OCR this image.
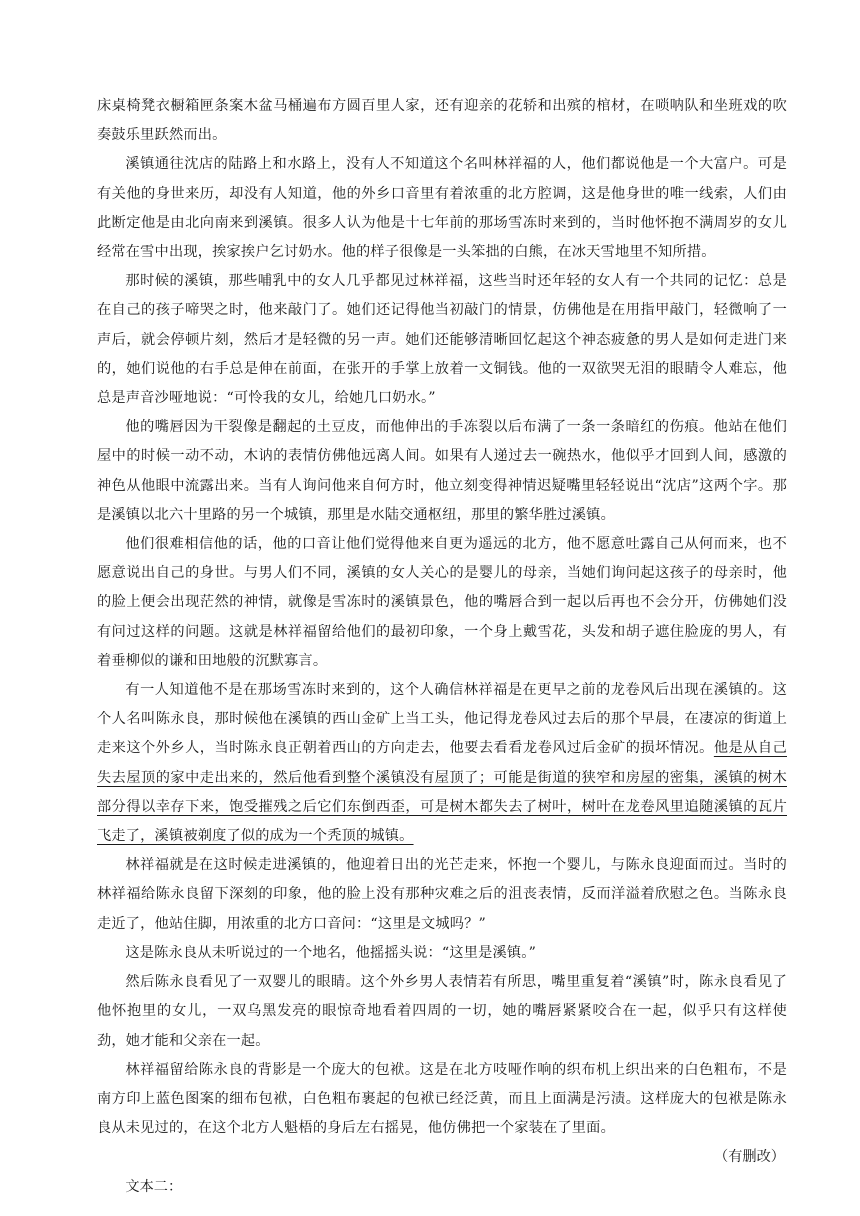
床桌椅凳衣橱箱匣条案木盆马桶遍布方圆百里人家，还有迎亲的花轿和出殡的棺材，在唢呐队和坐班戏的吹奏鼓乐里跃然而出。

溪镇通往沈店的陆路上和水路上，没有人不知道这个名叫林祥福的人，他们都说他是一个大富户。可是有关他的身世来历，却没有人知道，他的外乡口音里有着浓重的北方腔调，这是他身世的唯一线索，人们由此断定他是由北向南来到溪镇。很多人认为他是十七年前的那场雪冻时来到的，当时他怀抱不满周岁的女儿经常在雪中出现，挨家挨户乞讨奶水。他的样子很像是一头笨拙的白熊，在冰天雪地里不知所措。

那时候的溪镇，那些哺乳中的女人几乎都见过林祥福，这些当时还年轻的女人有一个共同的记忆：总是在自己的孩子啼哭之时，他来敲门了。她们还记得他当初敲门的情景，仿佛他是在用指甲敲门，轻微响了一声后，就会停顿片刻，然后才是轻微的另一声。她们还能够清晰回忆起这个神态疲惫的男人是如何走进门来的，她们说他的右手总是伸在前面，在张开的手掌上放着一文铜钱。他的一双欲哭无泪的眼睛令人难忘，他总是声音沙哑地说：“可怜我的女儿，给她几口奶水。”

他的嘴唇因为干裂像是翻起的土豆皮，而他伸出的手冻裂以后布满了一条一条暗红的伤痕。他站在他们屋中的时候一动不动，木讷的表情仿佛他远离人间。如果有人递过去一碗热水，他似乎才回到人间，感激的神色从他眼中流露出来。当有人询问他来自何方时，他立刻变得神情迟疑嘴里轻轻说出“沈店”这两个字。那是溪镇以北六十里路的另一个城镇，那里是水陆交通枢纽，那里的繁华胜过溪镇。

他们很难相信他的话，他的口音让他们觉得他来自更为遥远的北方，他不愿意吐露自己从何而来，也不愿意说出自己的身世。与男人们不同，溪镇的女人关心的是婴儿的母亲，当她们询问起这孩子的母亲时，他的脸上便会出现茫然的神情，就像是雪冻时的溪镇景色，他的嘴唇合到一起以后再也不会分开，仿佛她们没有问过这样的问题。这就是林祥福留给他们的最初印象，一个身上戴雪花，头发和胡子遮住脸庞的男人，有着垂柳似的谦和田地般的沉默寡言。

有一人知道他不是在那场雪冻时来到的，这个人确信林祥福是在更早之前的龙卷风后出现在溪镇的。这个人名叫陈永良，那时候他在溪镇的西山金矿上当工头，他记得龙卷风过去后的那个早晨，在凄凉的街道上走来这个外乡人，当时陈永良正朝着西山的方向走去，他要去看看龙卷风过后金矿的损坏情况。他是从自己失去屋顶的家中走出来的，然后他看到整个溪镇没有屋顶了；可能是街道的狭窄和房屋的密集，溪镇的树木部分得以幸存下来，饱受摧残之后它们东倒西歪，可是树木都失去了树叶，树叶在龙卷风里追随溪镇的瓦片飞走了，溪镇被剃度了似的成为一个秃顶的城镇。

林祥福就是在这时候走进溪镇的，他迎着日出的光芒走来，怀抱一个婴儿，与陈永良迎面而过。当时的林祥福给陈永良留下深刻的印象，他的脸上没有那种灾难之后的沮丧表情，反而洋溢着欣慰之色。当陈永良走近了，他站住脚，用浓重的北方口音问：“这里是文城吗？”

这是陈永良从未听说过的一个地名，他摇摇头说：“这里是溪镇。”

然后陈永良看见了一双婴儿的眼睛。这个外乡男人表情若有所思，嘴里重复着“溪镇”时，陈永良看见了他怀抱里的女儿，一双乌黑发亮的眼惊奇地看着四周的一切，她的嘴唇紧紧咬合在一起，似乎只有这样使劲，她才能和父亲在一起。

林祥福留给陈永良的背影是一个庞大的包袱。这是在北方吱哑作响的织布机上织出来的白色粗布，不是南方印上蓝色图案的细布包袱，白色粗布裹起的包袱已经泛黄，而且上面满是污渍。这样庞大的包袱是陈永良从未见过的，在这个北方人魁梧的身后左右摇晃，他仿佛把一个家装在了里面。

（有删改）

文本二：
